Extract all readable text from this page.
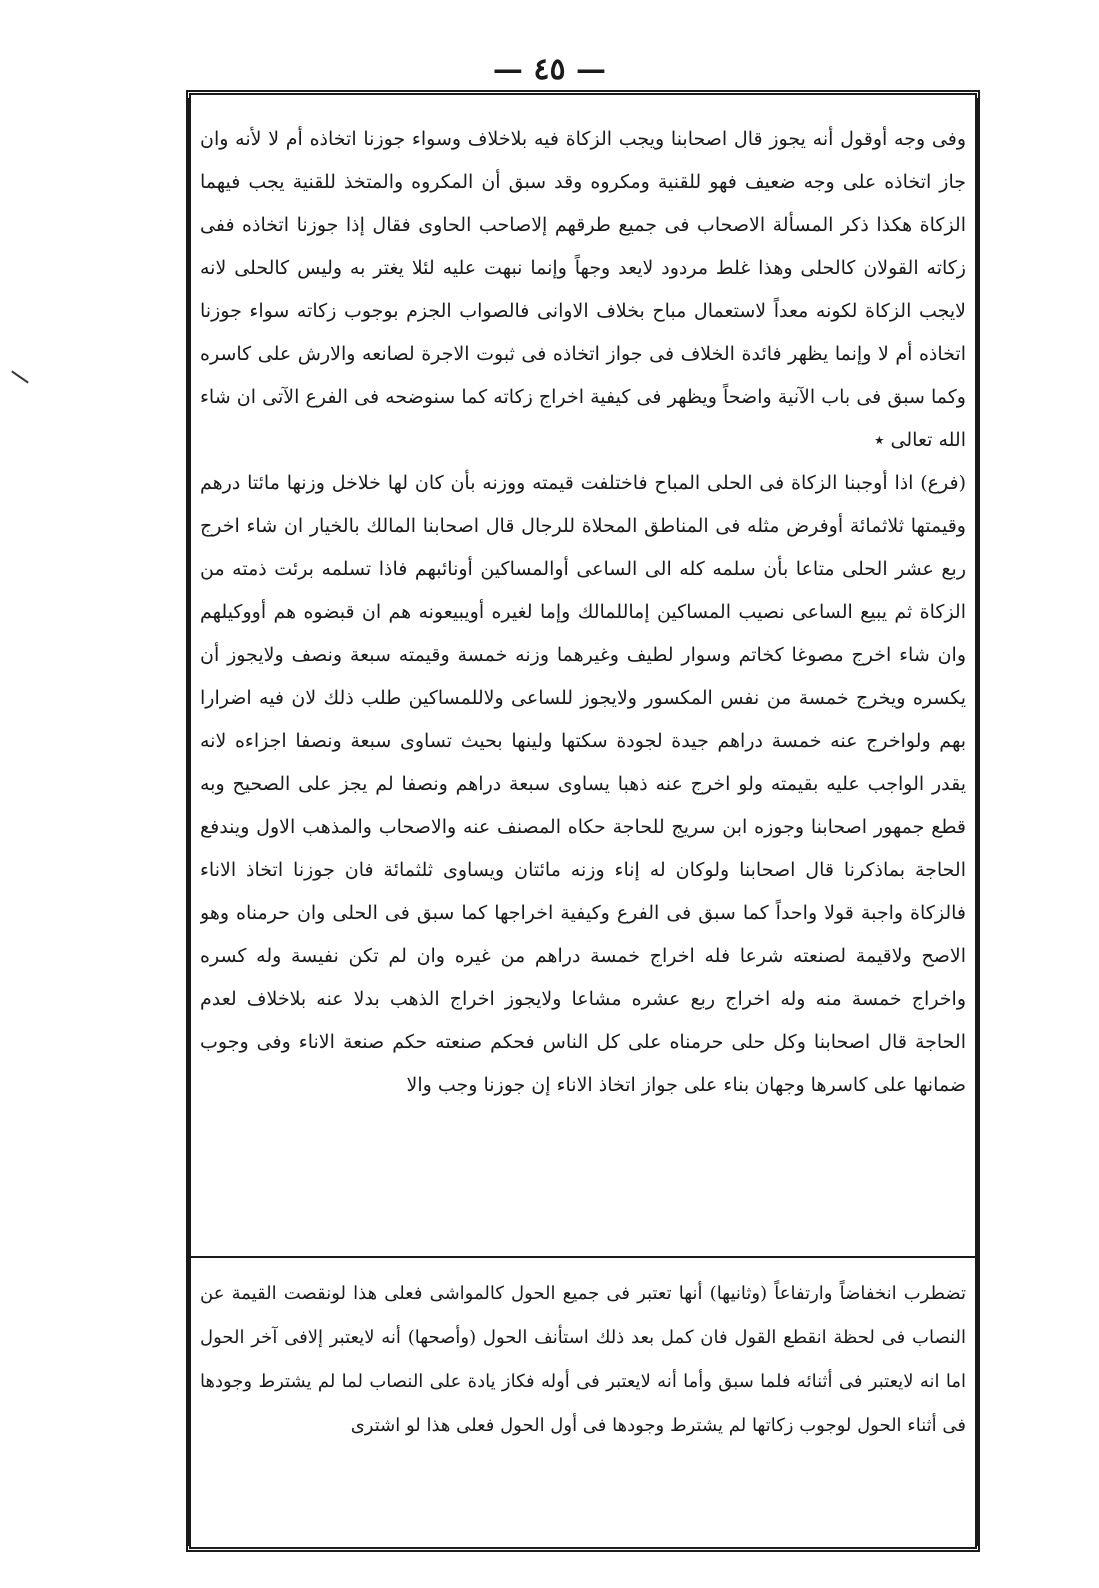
— ٤٥ —

وفى وجه أوقول أنه يجوز قال اصحابنا ويجب الزكاة فيه بلاخلاف وسواء جوزنا اتخاذه أم لا لأنه وان جاز اتخاذه على وجه ضعيف فهو للقنية ومكروه وقد سبق أن المكروه والمتخذ للقنية يجب فيهما الزكاة هكذا ذكر المسألة الاصحاب فى جميع طرقهم إلاصاحب الحاوى فقال إذا جوزنا اتخاذه ففى زكاته القولان كالحلى وهذا غلط مردود لايعد وجهاً وإنما نبهت عليه لئلا يغتر به وليس كالحلى لانه لايجب الزكاة لكونه معداً لاستعمال مباح بخلاف الاوانى فالصواب الجزم بوجوب زكاته سواء جوزنا اتخاذه أم لا وإنما يظهر فائدة الخلاف فى جواز اتخاذه فى ثبوت الاجرة لصانعه والارش على كاسره وكما سبق فى باب الآنية واضحاً ويظهر فى كيفية اخراج زكاته كما سنوضحه فى الفرع الآتى ان شاء الله تعالى ٭

(فرع) اذا أوجبنا الزكاة فى الحلى المباح فاختلفت قيمته ووزنه بأن كان لها خلاخل وزنها مائتا درهم وقيمتها ثلاثمائة أوفرض مثله فى المناطق المحلاة للرجال قال اصحابنا المالك بالخيار ان شاء اخرج ربع عشر الحلى متاعا بأن سلمه كله الى الساعى أوالمساكين أونائبهم فاذا تسلمه برئت ذمته من الزكاة ثم يبيع الساعى نصيب المساكين إماللمالك وإما لغيره أويبيعونه هم ان قبضوه هم أووكيلهم وان شاء اخرج مصوغا كخاتم وسوار لطيف وغيرهما وزنه خمسة وقيمته سبعة ونصف ولايجوز أن يكسره ويخرج خمسة من نفس المكسور ولايجوز للساعى ولاللمساكين طلب ذلك لان فيه اضرارا بهم ولواخرج عنه خمسة دراهم جيدة لجودة سكتها ولينها بحيث تساوى سبعة ونصفا اجزاءه لانه يقدر الواجب عليه بقيمته ولو اخرج عنه ذهبا يساوى سبعة دراهم ونصفا لم يجز على الصحيح وبه قطع جمهور اصحابنا وجوزه ابن سريج للحاجة حكاه المصنف عنه والاصحاب والمذهب الاول ويندفع الحاجة بماذكرنا قال اصحابنا ولوكان له إناء وزنه مائتان ويساوى ثلثمائة فان جوزنا اتخاذ الاناء فالزكاة واجبة قولا واحداً كما سبق فى الفرع وكيفية اخراجها كما سبق فى الحلى وان حرمناه وهو الاصح ولاقيمة لصنعته شرعا فله اخراج خمسة دراهم من غيره وان لم تكن نفيسة وله كسره واخراج خمسة منه وله اخراج ربع عشره مشاعا ولايجوز اخراج الذهب بدلا عنه بلاخلاف لعدم الحاجة قال اصحابنا وكل حلى حرمناه على كل الناس فحكم صنعته حكم صنعة الاناء وفى وجوب ضمانها على كاسرها وجهان بناء على جواز اتخاذ الاناء إن جوزنا وجب والا

تضطرب انخفاضاً وارتفاعاً (وثانيها) أنها تعتبر فى جميع الحول كالمواشى فعلى هذا لونقصت القيمة عن النصاب فى لحظة انقطع القول فان كمل بعد ذلك استأنف الحول (وأصحها) أنه لايعتبر إلافى آخر الحول اما انه لايعتبر فى أثنائه فلما سبق وأما أنه لايعتبر فى أوله فكاز يادة على النصاب لما لم يشترط وجودها فى أثناء الحول لوجوب زكاتها لم يشترط وجودها فى أول الحول فعلى هذا لو اشترى
